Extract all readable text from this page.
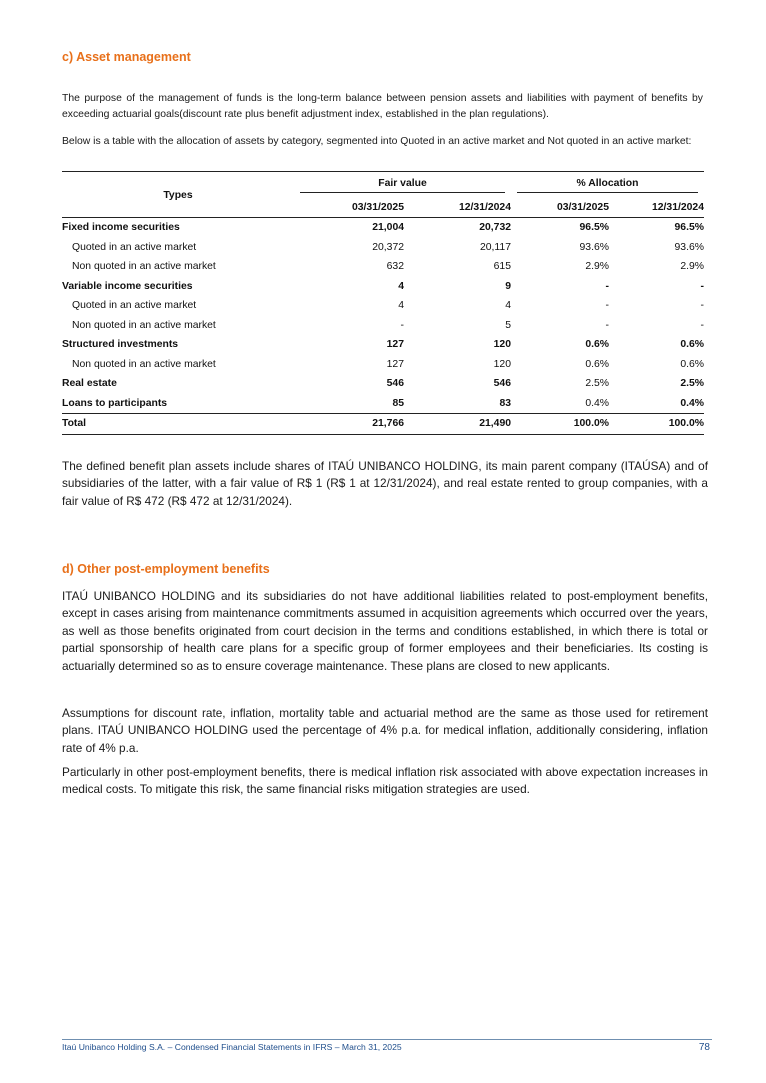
c) Asset management

The purpose of the management of funds is the long-term balance between pension assets and liabilities with payment of benefits by exceeding actuarial goals(discount rate plus benefit adjustment index, established in the plan regulations).

Below is a table with the allocation of assets by category, segmented into Quoted in an active market and Not quoted in an active market:

Types	Fair value		% Allocation	

	03/31/2025	12/31/2024	03/31/2025	12/31/2024
Fixed income securities	21,004	20,732	96.5%	96.5%
Quoted in an active market	20,372	20,117	93.6%	93.6%
Non quoted in an active market	632	615	2.9%	2.9%
Variable income securities	4	9	-	-
Quoted in an active market	4	4	-	-
Non quoted in an active market	-	5	-	-
Structured investments	127	120	0.6%	0.6%
Non quoted in an active market	127	120	0.6%	0.6%
Real estate	546	546	2.5%	2.5%
Loans to participants	85	83	0.4%	0.4%
Total	21,766	21,490	100.0%	100.0%

The defined benefit plan assets include shares of ITAÚ UNIBANCO HOLDING, its main parent company (ITAÚSA) and of subsidiaries of the latter, with a fair value of R$ 1 (R$ 1 at 12/31/2024), and real estate rented to group companies, with a fair value of R$ 472 (R$ 472 at 12/31/2024).

d) Other post-employment benefits

ITAÚ UNIBANCO HOLDING and its subsidiaries do not have additional liabilities related to post-employment benefits, except in cases arising from maintenance commitments assumed in acquisition agreements which occurred over the years, as well as those benefits originated from court decision in the terms and conditions established, in which there is total or partial sponsorship of health care plans for a specific group of former employees and their beneficiaries. Its costing is actuarially determined so as to ensure coverage maintenance. These plans are closed to new applicants.

Assumptions for discount rate, inflation, mortality table and actuarial method are the same as those used for retirement plans. ITAÚ UNIBANCO HOLDING used the percentage of 4% p.a. for medical inflation, additionally considering, inflation rate of 4% p.a.

Particularly in other post-employment benefits, there is medical inflation risk associated with above expectation increases in medical costs. To mitigate this risk, the same financial risks mitigation strategies are used.

Itaú Unibanco Holding S.A. – Condensed Financial Statements in IFRS – March 31, 2025	78
